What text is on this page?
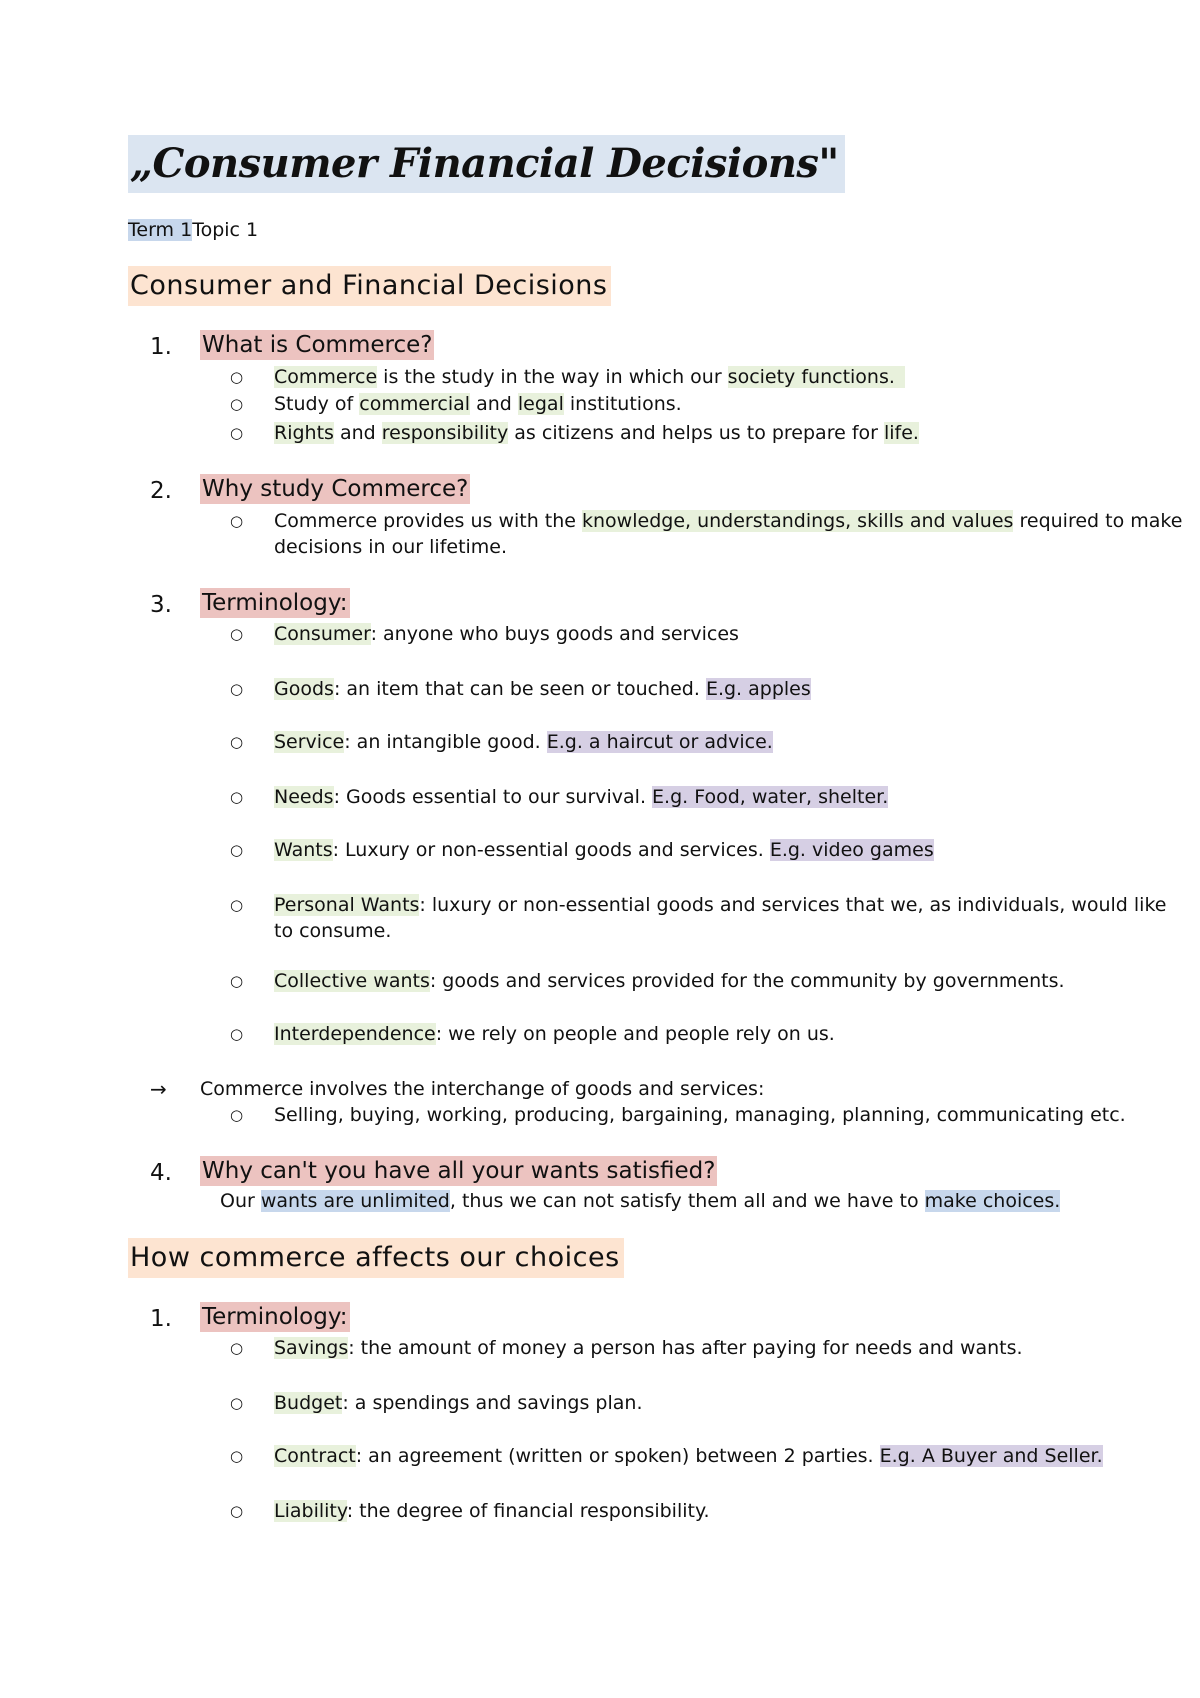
„Consumer Financial Decisions"
Term 1Topic 1
Consumer and Financial Decisions
1.	What is Commerce?
○ Commerce is the study in the way in which our society functions.
○ Study of commercial and legal institutions.
○ Rights and responsibility as citizens and helps us to prepare for life.
2.	Why study Commerce?
○ Commerce provides us with the knowledge, understandings, skills and values required to make
decisions in our lifetime.
3.	Terminology:
○ Consumer: anyone who buys goods and services
○ Goods: an item that can be seen or touched. E.g. apples
○ Service: an intangible good. E.g. a haircut or advice.
○ Needs: Goods essential to our survival. E.g. Food, water, shelter.
○ Wants: Luxury or non-essential goods and services. E.g. video games
○ Personal Wants: luxury or non-essential goods and services that we, as individuals, would like
to consume.
○ Collective wants: goods and services provided for the community by governments.
○ Interdependence: we rely on people and people rely on us.
→ Commerce involves the interchange of goods and services:
○ Selling, buying, working, producing, bargaining, managing, planning, communicating etc.
4.	Why can't you have all your wants satisfied?
Our wants are unlimited, thus we can not satisfy them all and we have to make choices.
How commerce affects our choices
1.	Terminology:
○ Savings: the amount of money a person has after paying for needs and wants.
○ Budget: a spendings and savings plan.
○ Contract: an agreement (written or spoken) between 2 parties. E.g. A Buyer and Seller.
○ Liability: the degree of financial responsibility.
